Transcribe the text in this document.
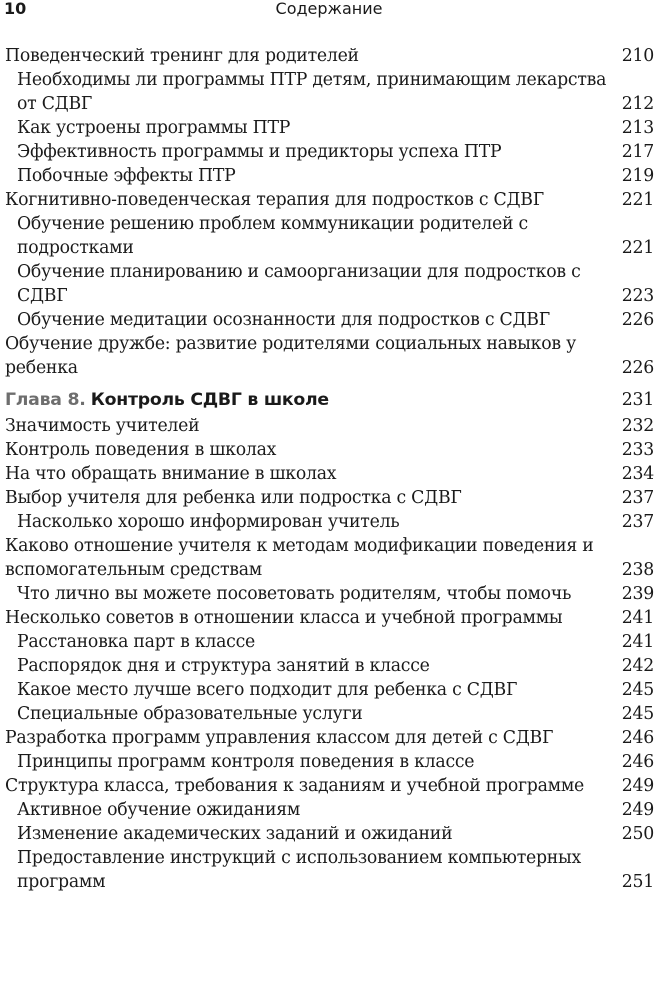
10	Содержание
Поведенческий тренинг для родителей	210
Необходимы ли программы ПТР детям, принимающим лекарства от СДВГ	212
Как устроены программы ПТР	213
Эффективность программы и предикторы успеха ПТР	217
Побочные эффекты ПТР	219
Когнитивно-поведенческая терапия для подростков с СДВГ	221
Обучение решению проблем коммуникации родителей с подростками	221
Обучение планированию и самоорганизации для подростков с СДВГ	223
Обучение медитации осознанности для подростков с СДВГ	226
Обучение дружбе: развитие родителями социальных навыков у ребенка	226
Глава 8. Контроль СДВГ в школе	231
Значимость учителей	232
Контроль поведения в школах	233
На что обращать внимание в школах	234
Выбор учителя для ребенка или подростка с СДВГ	237
Насколько хорошо информирован учитель	237
Каково отношение учителя к методам модификации поведения и вспомогательным средствам	238
Что лично вы можете посоветовать родителям, чтобы помочь	239
Несколько советов в отношении класса и учебной программы	241
Расстановка парт в классе	241
Распорядок дня и структура занятий в классе	242
Какое место лучше всего подходит для ребенка с СДВГ	245
Специальные образовательные услуги	245
Разработка программ управления классом для детей с СДВГ	246
Принципы программ контроля поведения в классе	246
Структура класса, требования к заданиям и учебной программе	249
Активное обучение ожиданиям	249
Изменение академических заданий и ожиданий	250
Предоставление инструкций с использованием компьютерных программ	251
